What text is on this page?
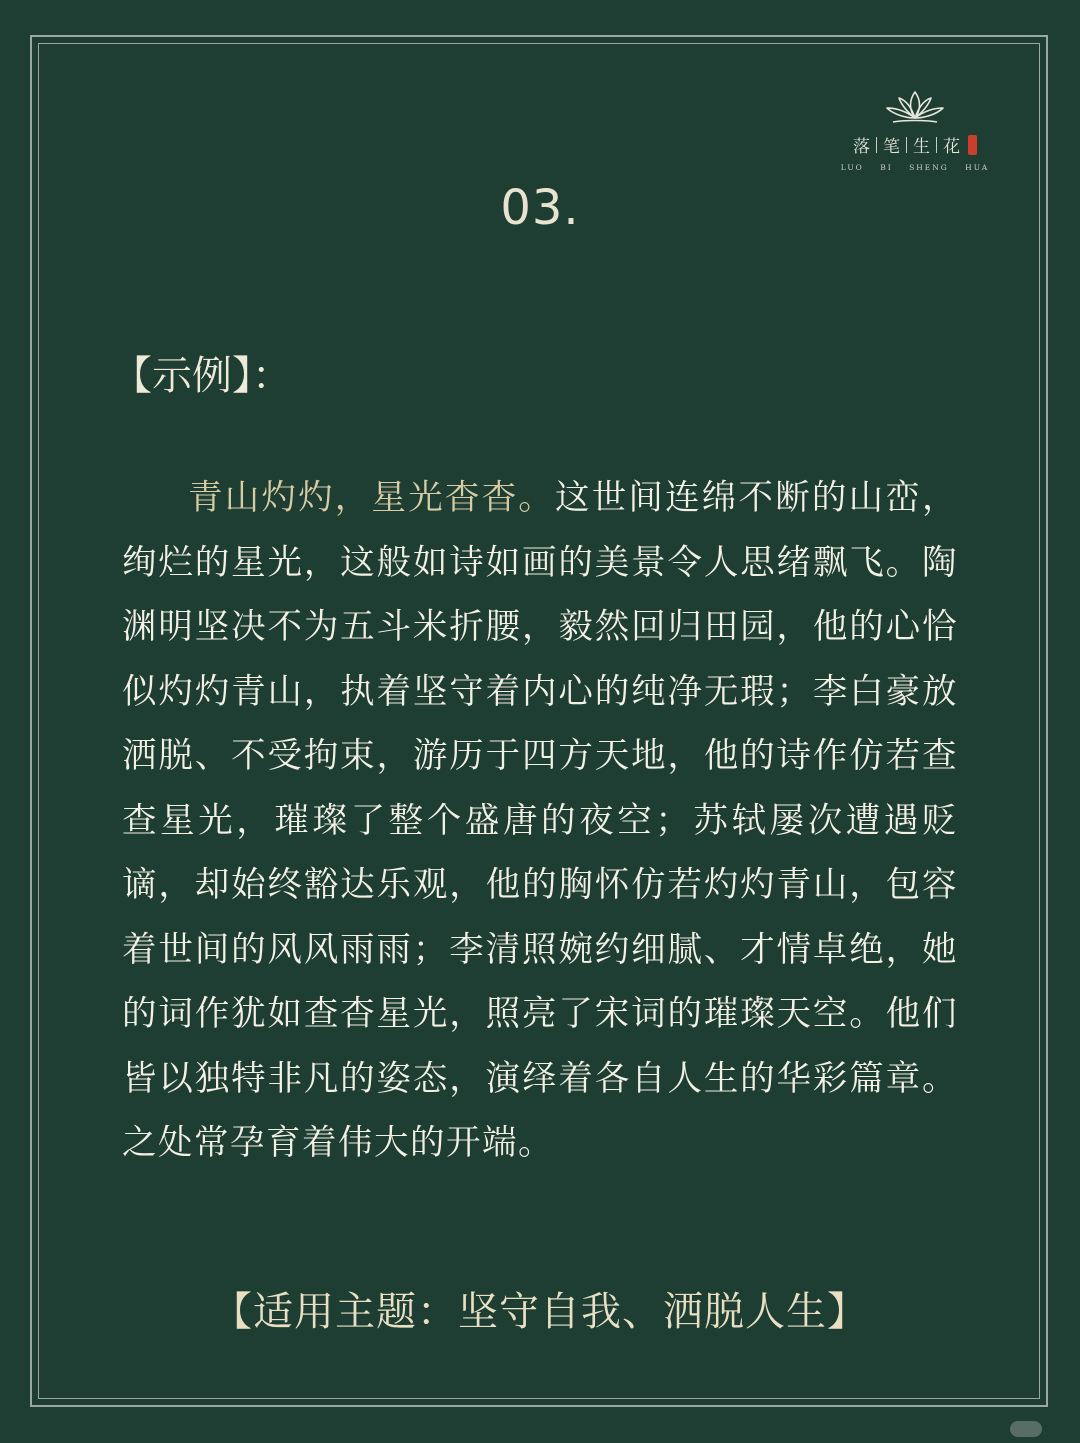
落 笔 生 花
LUO BI SHENG HUA
03.
【示例】：
青山灼灼，星光杳杳。这世间连绵不断的山峦，绚烂的星光，这般如诗如画的美景令人思绪飘飞。陶渊明坚决不为五斗米折腰，毅然回归田园，他的心恰似灼灼青山，执着坚守着内心的纯净无瑕；李白豪放洒脱、不受拘束，游历于四方天地，他的诗作仿若查查星光，璀璨了整个盛唐的夜空；苏轼屡次遭遇贬谪，却始终豁达乐观，他的胸怀仿若灼灼青山，包容着世间的风风雨雨；李清照婉约细腻、才情卓绝，她的词作犹如查杳星光，照亮了宋词的璀璨天空。他们皆以独特非凡的姿态，演绎着各自人生的华彩篇章。之处常孕育着伟大的开端。
【适用主题：坚守自我、洒脱人生】
